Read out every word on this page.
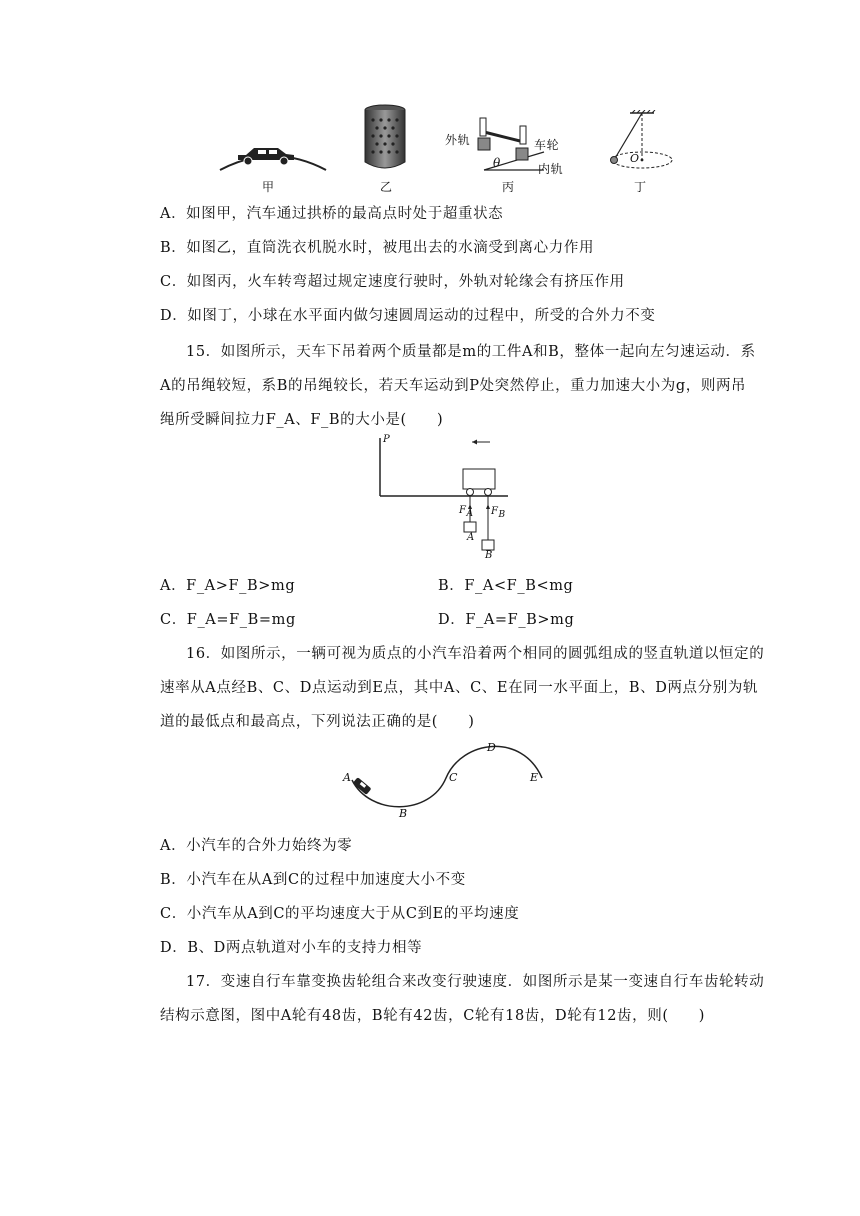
甲	乙
外轨	车轮
内轨
θ
丙
O
丁
A．如图甲，汽车通过拱桥的最高点时处于超重状态
B．如图乙，直筒洗衣机脱水时，被甩出去的水滴受到离心力作用
C．如图丙，火车转弯超过规定速度行驶时，外轨对轮缘会有挤压作用
D．如图丁，小球在水平面内做匀速圆周运动的过程中，所受的合外力不变
15．如图所示，天车下吊着两个质量都是m的工件A和B，整体一起向左匀速运动．系
A的吊绳较短，系B的吊绳较长，若天车运动到P处突然停止，重力加速大小为g，则两吊
绳所受瞬间拉力F_A、F_B的大小是(　　)
P
$F_A$ $F_B$
A
B
A．F_A>F_B>mg	B．F_A<F_B<mg
C．F_A=F_B=mg	D．F_A=F_B>mg
16．如图所示，一辆可视为质点的小汽车沿着两个相同的圆弧组成的竖直轨道以恒定的
速率从A点经B、C、D点运动到E点，其中A、C、E在同一水平面上，B、D两点分别为轨
道的最低点和最高点，下列说法正确的是(　　)
A
B
C
D
E
A．小汽车的合外力始终为零
B．小汽车在从A到C的过程中加速度大小不变
C．小汽车从A到C的平均速度大于从C到E的平均速度
D．B、D两点轨道对小车的支持力相等
17．变速自行车靠变换齿轮组合来改变行驶速度．如图所示是某一变速自行车齿轮转动
结构示意图，图中A轮有48齿，B轮有42齿，C轮有18齿，D轮有12齿，则(　　)
